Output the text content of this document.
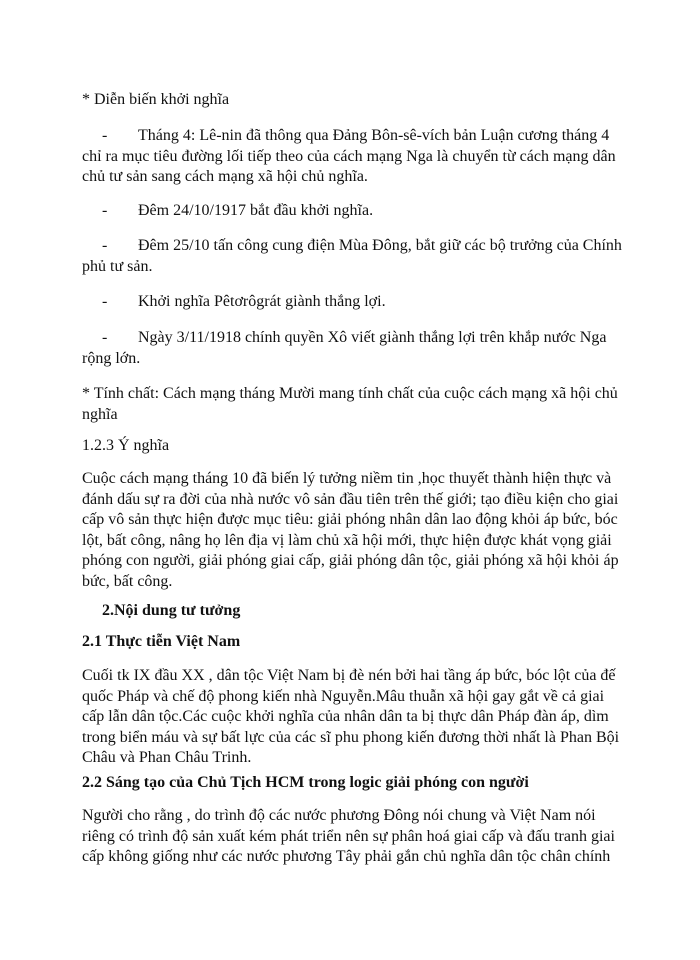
* Diễn biến khởi nghĩa

-	Tháng 4: Lê-nin đã thông qua Đảng Bôn-sê-vích bản Luận cương tháng 4 chỉ ra mục tiêu đường lối tiếp theo của cách mạng Nga là chuyển từ cách mạng dân chủ tư sản sang cách mạng xã hội chủ nghĩa.
-	Đêm 24/10/1917 bắt đầu khởi nghĩa.
-	Đêm 25/10 tấn công cung điện Mùa Đông, bắt giữ các bộ trưởng của Chính phủ tư sản.
-	Khởi nghĩa Pêtơrôgrát giành thắng lợi.
-	Ngày 3/11/1918 chính quyền Xô viết giành thắng lợi trên khắp nước Nga rộng lớn.

* Tính chất: Cách mạng tháng Mười mang tính chất của cuộc cách mạng xã hội chủ nghĩa

1.2.3 Ý nghĩa

Cuộc cách mạng tháng 10 đã biến lý tưởng niềm tin ,học thuyết thành hiện thực và đánh dấu sự ra đời của nhà nước vô sản đầu tiên trên thế giới; tạo điều kiện cho giai cấp vô sản thực hiện được mục tiêu: giải phóng nhân dân lao động khỏi áp bức, bóc lột, bất công, nâng họ lên địa vị làm chủ xã hội mới, thực hiện được khát vọng giải phóng con người, giải phóng giai cấp, giải phóng dân tộc, giải phóng xã hội khỏi áp bức, bất công.

2.Nội dung tư tưởng

2.1 Thực tiễn Việt Nam

Cuối tk IX đầu XX , dân tộc Việt Nam bị đè nén bởi hai tầng áp bức, bóc lột của đế quốc Pháp và chế độ phong kiến nhà Nguyễn.Mâu thuẫn xã hội gay gắt về cả giai cấp lẫn dân tộc.Các cuộc khởi nghĩa của nhân dân ta bị thực dân Pháp đàn áp, dìm trong biển máu và sự bất lực của các sĩ phu phong kiến đương thời nhất là Phan Bội Châu và Phan Châu Trinh.

2.2 Sáng tạo của Chủ Tịch HCM trong logic giải phóng con người

Người cho rằng , do trình độ các nước phương Đông nói chung và Việt Nam nói riêng có trình độ sản xuất kém phát triển nên sự phân hoá giai cấp và đấu tranh giai cấp không giống như các nước phương Tây phải gắn chủ nghĩa dân tộc chân chính
